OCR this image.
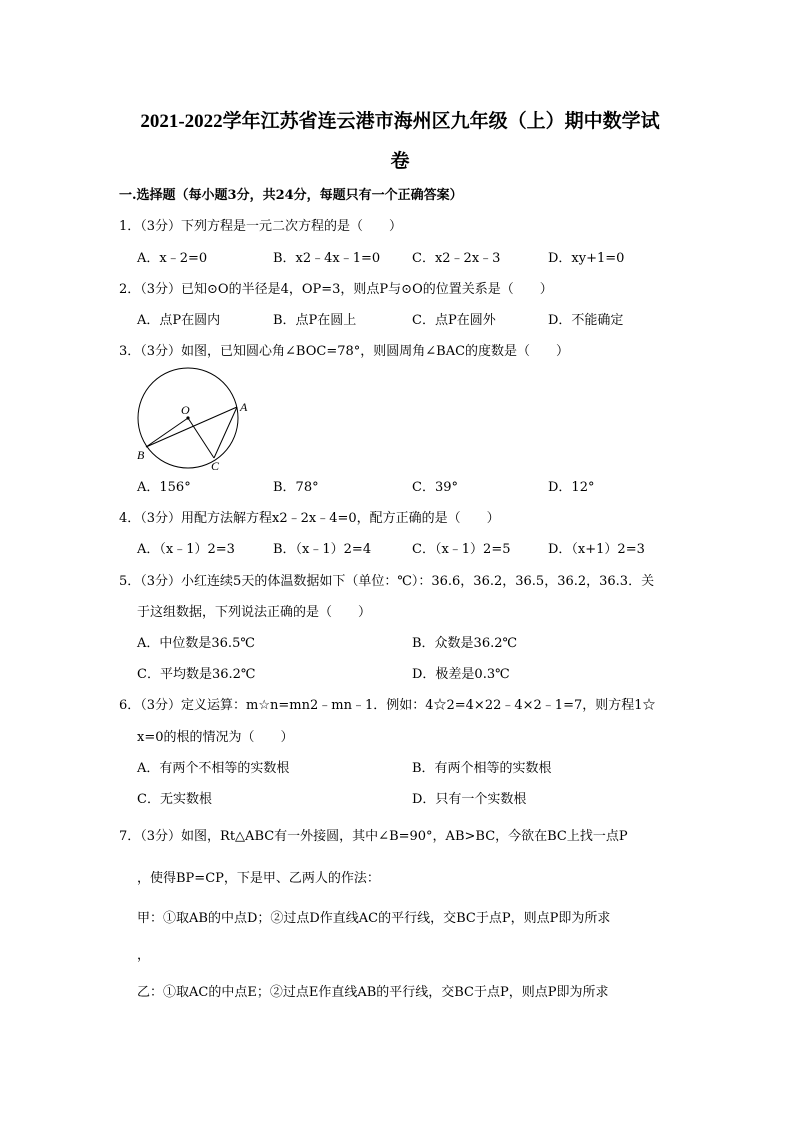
2021-2022学年江苏省连云港市海州区九年级（上）期中数学试
卷
一.选择题（每小题3分，共24分，每题只有一个正确答案）
1．（3分）下列方程是一元二次方程的是（　　）
A．x﹣2=0	B．x2﹣4x﹣1=0 C．x2﹣2x﹣3	D．xy+1=0
2．（3分）已知⊙O的半径是4，OP=3，则点P与⊙O的位置关系是（　　）
A．点P在圆内	B．点P在圆上	C．点P在圆外	D．不能确定
3．（3分）如图，已知圆心角∠BOC=78°，则圆周角∠BAC的度数是（　　）
O	A
B
C
A．156°	B．78°	C．39°	D．12°
4．（3分）用配方法解方程x2﹣2x﹣4=0，配方正确的是（　　）
A．（x﹣1）2=3	B．（x﹣1）2=4	C．（x﹣1）2=5	D．（x+1）2=3
5．（3分）小红连续5天的体温数据如下（单位：℃）：36.6，36.2，36.5，36.2，36.3．关
于这组数据，下列说法正确的是（　　）
A．中位数是36.5℃	B．众数是36.2℃
C．平均数是36.2℃	D．极差是0.3℃
6．（3分）定义运算：m☆n=mn2﹣mn﹣1．例如：4☆2=4×22﹣4×2﹣1=7，则方程1☆
x=0的根的情况为（　　）
A．有两个不相等的实数根	B．有两个相等的实数根
C．无实数根	D．只有一个实数根
7．（3分）如图，Rt△ABC有一外接圆，其中∠B=90°，AB>BC，今欲在BC上找一点P
，使得BP=CP，下是甲、乙两人的作法：
甲：①取AB的中点D；②过点D作直线AC的平行线，交BC于点P，则点P即为所求
，
乙：①取AC的中点E；②过点E作直线AB的平行线，交BC于点P，则点P即为所求
